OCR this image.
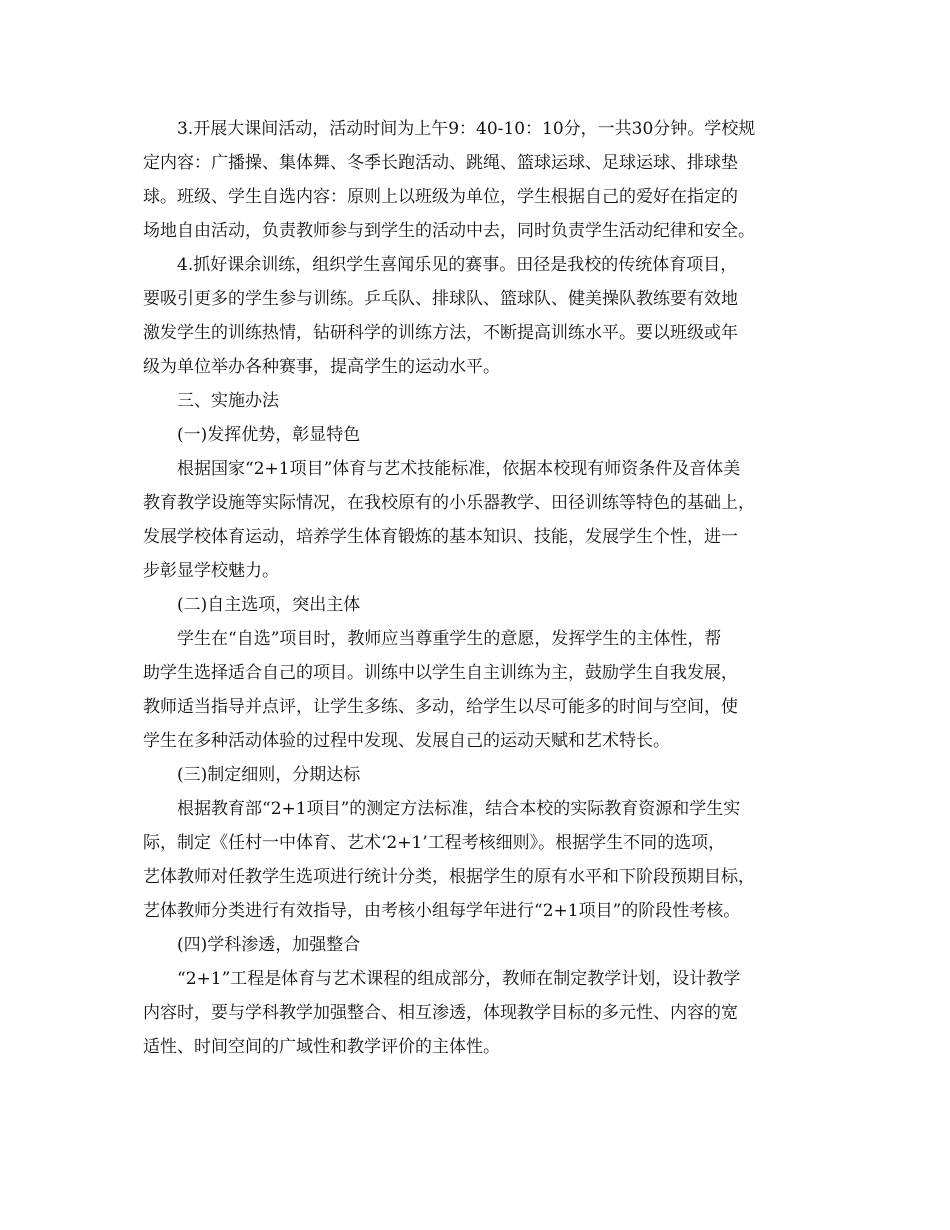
3.开展大课间活动，活动时间为上午9：40-10：10分，一共30分钟。学校规
定内容：广播操、集体舞、冬季长跑活动、跳绳、篮球运球、足球运球、排球垫
球。班级、学生自选内容：原则上以班级为单位，学生根据自己的爱好在指定的
场地自由活动，负责教师参与到学生的活动中去，同时负责学生活动纪律和安全。
4.抓好课余训练，组织学生喜闻乐见的赛事。田径是我校的传统体育项目，
要吸引更多的学生参与训练。乒乓队、排球队、篮球队、健美操队教练要有效地
激发学生的训练热情，钻研科学的训练方法，不断提高训练水平。要以班级或年
级为单位举办各种赛事，提高学生的运动水平。
三、实施办法
(一)发挥优势，彰显特色
根据国家“2+1项目”体育与艺术技能标准，依据本校现有师资条件及音体美
教育教学设施等实际情况，在我校原有的小乐器教学、田径训练等特色的基础上，
发展学校体育运动，培养学生体育锻炼的基本知识、技能，发展学生个性，进一
步彰显学校魅力。
(二)自主选项，突出主体
学生在“自选”项目时，教师应当尊重学生的意愿，发挥学生的主体性，帮
助学生选择适合自己的项目。训练中以学生自主训练为主，鼓励学生自我发展，
教师适当指导并点评，让学生多练、多动，给学生以尽可能多的时间与空间，使
学生在多种活动体验的过程中发现、发展自己的运动天赋和艺术特长。
(三)制定细则，分期达标
根据教育部“2+1项目”的测定方法标准，结合本校的实际教育资源和学生实
际，制定《任村一中体育、艺术‘2+1’工程考核细则》。根据学生不同的选项，
艺体教师对任教学生选项进行统计分类，根据学生的原有水平和下阶段预期目标，
艺体教师分类进行有效指导，由考核小组每学年进行“2+1项目”的阶段性考核。
(四)学科渗透，加强整合
“2+1”工程是体育与艺术课程的组成部分，教师在制定教学计划，设计教学
内容时，要与学科教学加强整合、相互渗透，体现教学目标的多元性、内容的宽
适性、时间空间的广域性和教学评价的主体性。
